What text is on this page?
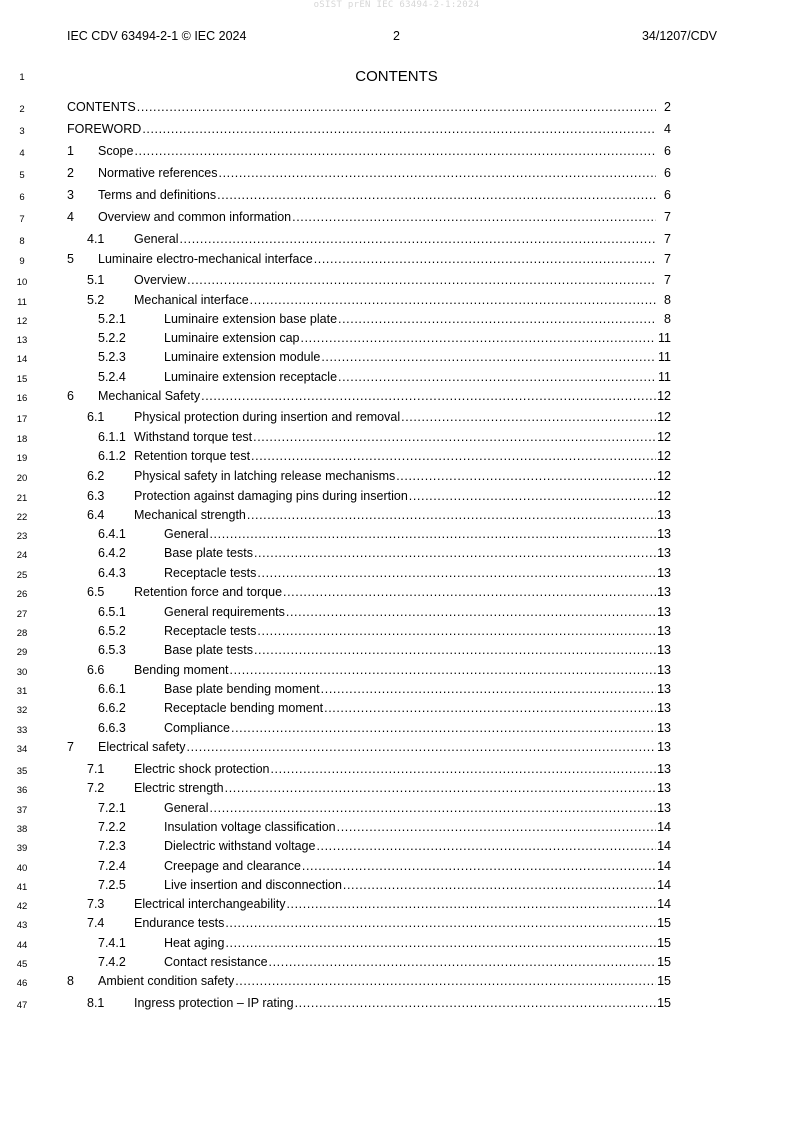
oSIST prEN IEC 63494-2-1:2024
IEC CDV 63494-2-1 © IEC 2024	2	34/1207/CDV
1	CONTENTS
2	CONTENTS .....	2
3	FOREWORD .....	4
4	1	Scope .....	6
5	2	Normative references .....	6
6	3	Terms and definitions .....	6
7	4	Overview and common information .....	7
8	4.1	General .....	7
9	5	Luminaire electro-mechanical interface .....	7
10	5.1	Overview .....	7
11	5.2	Mechanical interface .....	8
12	5.2.1	Luminaire extension base plate .....	8
13	5.2.2	Luminaire extension cap .....	11
14	5.2.3	Luminaire extension module .....	11
15	5.2.4	Luminaire extension receptacle .....	11
16	6	Mechanical Safety .....	12
17	6.1	Physical protection during insertion and removal .....	12
18	6.1.1 Withstand torque test .....	12
19	6.1.2 Retention torque test .....	12
20	6.2	Physical safety in latching release mechanisms .....	12
21	6.3	Protection against damaging pins during insertion .....	12
22	6.4	Mechanical strength .....	13
23	6.4.1	General .....	13
24	6.4.2	Base plate tests .....	13
25	6.4.3	Receptacle tests .....	13
26	6.5	Retention force and torque .....	13
27	6.5.1	General requirements .....	13
28	6.5.2	Receptacle tests .....	13
29	6.5.3	Base plate tests .....	13
30	6.6	Bending moment .....	13
31	6.6.1	Base plate bending moment .....	13
32	6.6.2	Receptacle bending moment .....	13
33	6.6.3	Compliance .....	13
34	7	Electrical safety .....	13
35	7.1	Electric shock protection .....	13
36	7.2	Electric strength .....	13
37	7.2.1	General .....	13
38	7.2.2	Insulation voltage classification .....	14
39	7.2.3	Dielectric withstand voltage .....	14
40	7.2.4	Creepage and clearance .....	14
41	7.2.5	Live insertion and disconnection .....	14
42	7.3	Electrical interchangeability .....	14
43	7.4	Endurance tests .....	15
44	7.4.1	Heat aging .....	15
45	7.4.2	Contact resistance .....	15
46	8	Ambient condition safety .....	15
47	8.1	Ingress protection – IP rating .....	15
